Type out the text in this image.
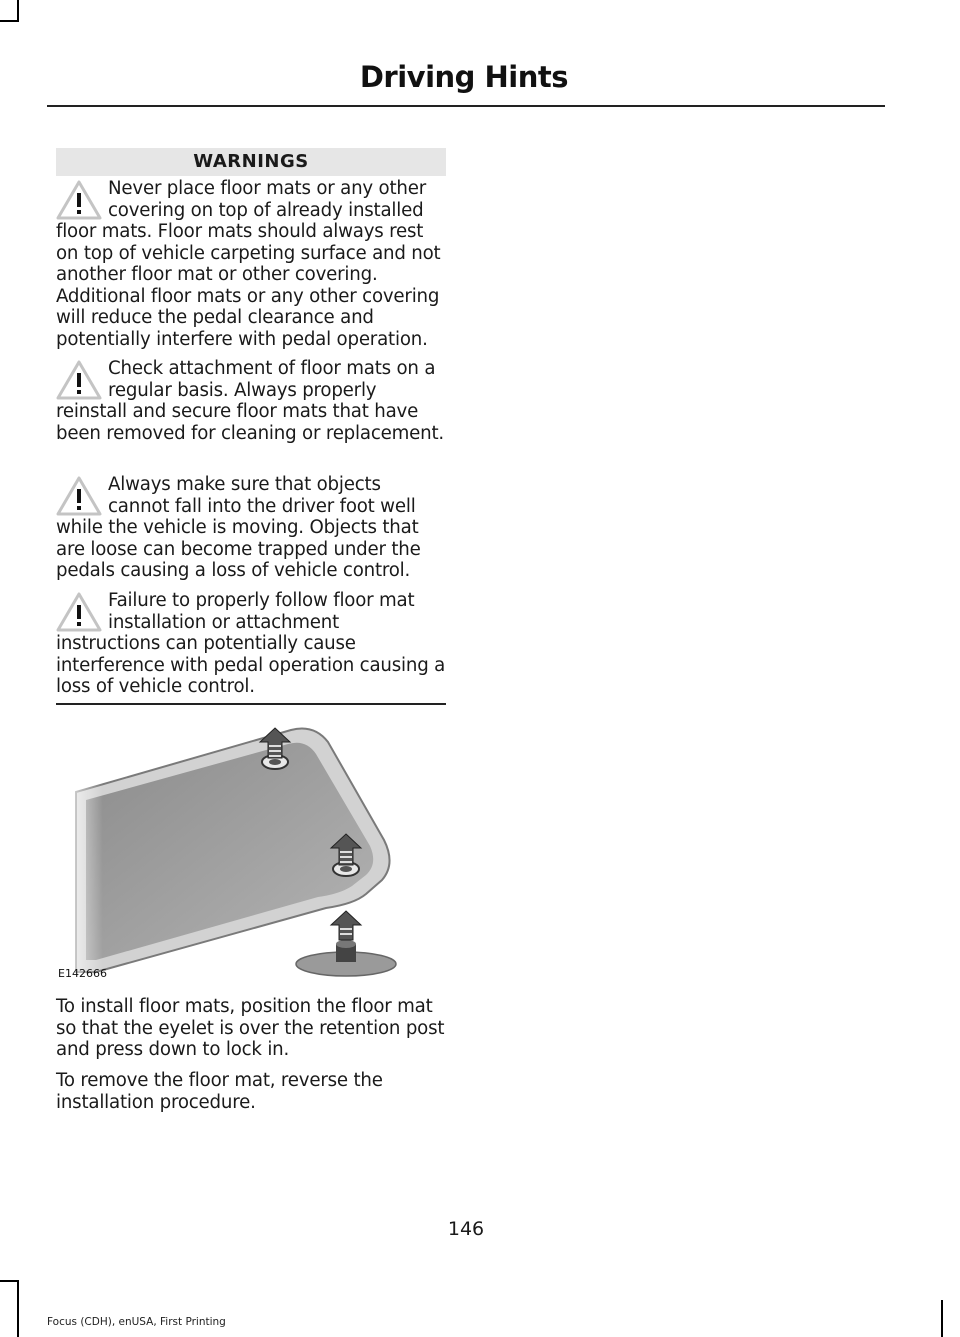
Driving Hints
WARNINGS
Never place floor mats or any other covering on top of already installed floor mats. Floor mats should always rest on top of vehicle carpeting surface and not another floor mat or other covering. Additional floor mats or any other covering will reduce the pedal clearance and potentially interfere with pedal operation.
Check attachment of floor mats on a regular basis. Always properly reinstall and secure floor mats that have been removed for cleaning or replacement.
Always make sure that objects cannot fall into the driver foot well while the vehicle is moving. Objects that are loose can become trapped under the pedals causing a loss of vehicle control.
Failure to properly follow floor mat installation or attachment instructions can potentially cause interference with pedal operation causing a loss of vehicle control.
E142666
To install floor mats, position the floor mat so that the eyelet is over the retention post and press down to lock in.
To remove the floor mat, reverse the installation procedure.
146
Focus (CDH), enUSA, First Printing
